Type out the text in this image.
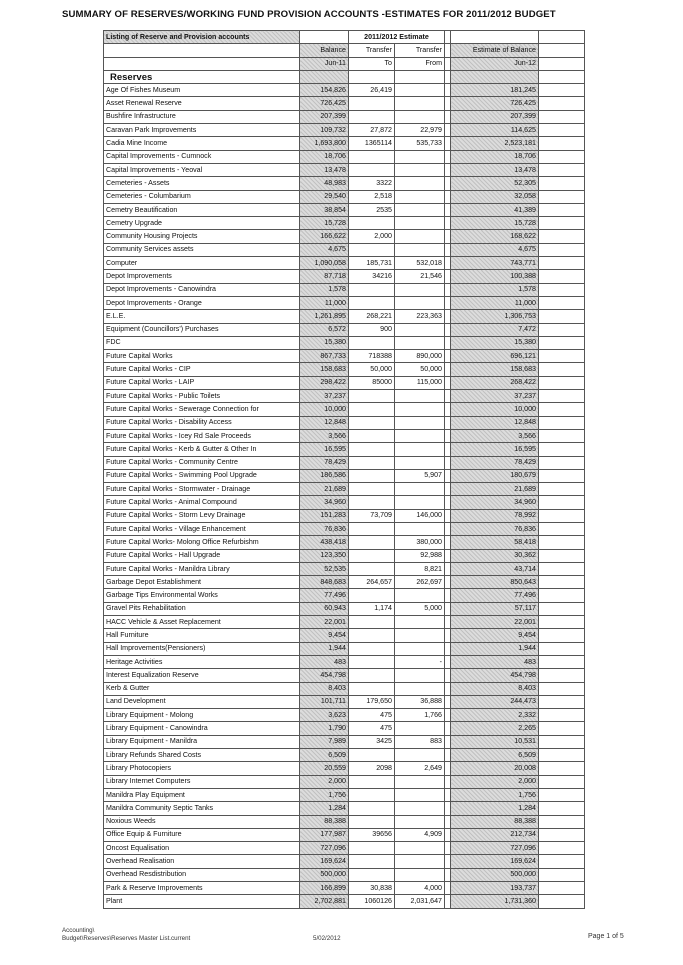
SUMMARY OF RESERVES/WORKING FUND PROVISION ACCOUNTS -ESTIMATES FOR 2011/2012 BUDGET
Listing of Reserve and Provision accounts		2011/2012 Estimate				
	Balance	Transfer	Transfer		Estimate of Balance	
	Jun-11	To	From		Jun-12	
Reserves						
Age Of Fishes Museum	154,826	26,419			181,245	
Asset Renewal Reserve	726,425				726,425	
Bushfire Infrastructure	207,399				207,399	
Caravan Park Improvements	109,732	27,872	22,979		114,625	
Cadia Mine Income	1,693,800	1365114	535,733		2,523,181	
Capital Improvements - Cumnock	18,706				18,706	
Capital Improvements - Yeoval	13,478				13,478	
Cemeteries - Assets	48,983	3322			52,305	
Cemeteries - Columbarium	29,540	2,518			32,058	
Cemetry Beautification	38,854	2535			41,389	
Cemetry Upgrade	15,728				15,728	
Community Housing Projects	166,622	2,000			168,622	
Community Services assets	4,675				4,675	
Computer	1,090,058	185,731	532,018		743,771	
Depot Improvements	87,718	34216	21,546		100,388	
Depot Improvements - Canowindra	1,578				1,578	
Depot Improvements - Orange	11,000				11,000	
E.L.E.	1,261,895	268,221	223,363		1,306,753	
Equipment (Councillors') Purchases	6,572	900			7,472	
FDC	15,380				15,380	
Future Capital Works	867,733	718388	890,000		696,121	
Future Capital Works - CIP	158,683	50,000	50,000		158,683	
Future Capital Works - LAIP	298,422	85000	115,000		268,422	
Future Capital Works - Public Toilets	37,237				37,237	
Future Capital Works - Sewerage Connection for	10,000				10,000	
Future Capital Works - Disability Access	12,848				12,848	
Future Capital Works - Icey Rd Sale Proceeds	3,566				3,566	
Future Capital Works - Kerb & Gutter & Other In	16,595				16,595	
Future Capital Works - Community Centre	78,429				78,429	
Future Capital Works - Swimming Pool Upgrade	186,586		5,907		180,679	
Future Capital Works - Stormwater - Drainage	21,689				21,689	
Future Capital Works - Animal Compound	34,960				34,960	
Future Capital Works - Storm Levy Drainage	151,283	73,709	146,000		78,992	
Future Capital Works - Village Enhancement	76,836				76,836	
Future Capital Works- Molong Office Refurbishm	438,418		380,000		58,418	
Future Capital Works - Hall Upgrade	123,350		92,988		30,362	
Future Capital Works - Manildra Library	52,535		8,821		43,714	
Garbage Depot Establishment	848,683	264,657	262,697		850,643	
Garbage Tips Environmental Works	77,496				77,496	
Gravel Pits Rehabilitation	60,943	1,174	5,000		57,117	
HACC Vehicle & Asset Replacement	22,001				22,001	
Hall Furniture	9,454				9,454	
Hall Improvements(Pensioners)	1,944				1,944	
Heritage Activities	483		-		483	
Interest Equalization Reserve	454,798				454,798	
Kerb & Gutter	8,403				8,403	
Land Development	101,711	179,650	36,888		244,473	
Library Equipment - Molong	3,623	475	1,766		2,332	
Library Equipment - Canowindra	1,790	475			2,265	
Library Equipment - Manildra	7,989	3425	883		10,531	
Library Refunds Shared Costs	6,509				6,509	
Library Photocopiers	20,559	2098	2,649		20,008	
Library Internet Computers	2,000				2,000	
Manildra Play Equipment	1,756				1,756	
Manildra Community Septic Tanks	1,284				1,284	
Noxious Weeds	88,388				88,388	
Office Equip & Furniture	177,987	39656	4,909		212,734	
Oncost Equalisation	727,096				727,096	
Overhead Realisation	169,624				169,624	
Overhead Resdistribution	500,000				500,000	
Park & Reserve Improvements	166,899	30,838	4,000		193,737	
Plant	2,702,881	1060126	2,031,647		1,731,360	
Accounting\
Budget\Reserves\Reserves Master List.current	5/02/2012	Page 1 of 5
